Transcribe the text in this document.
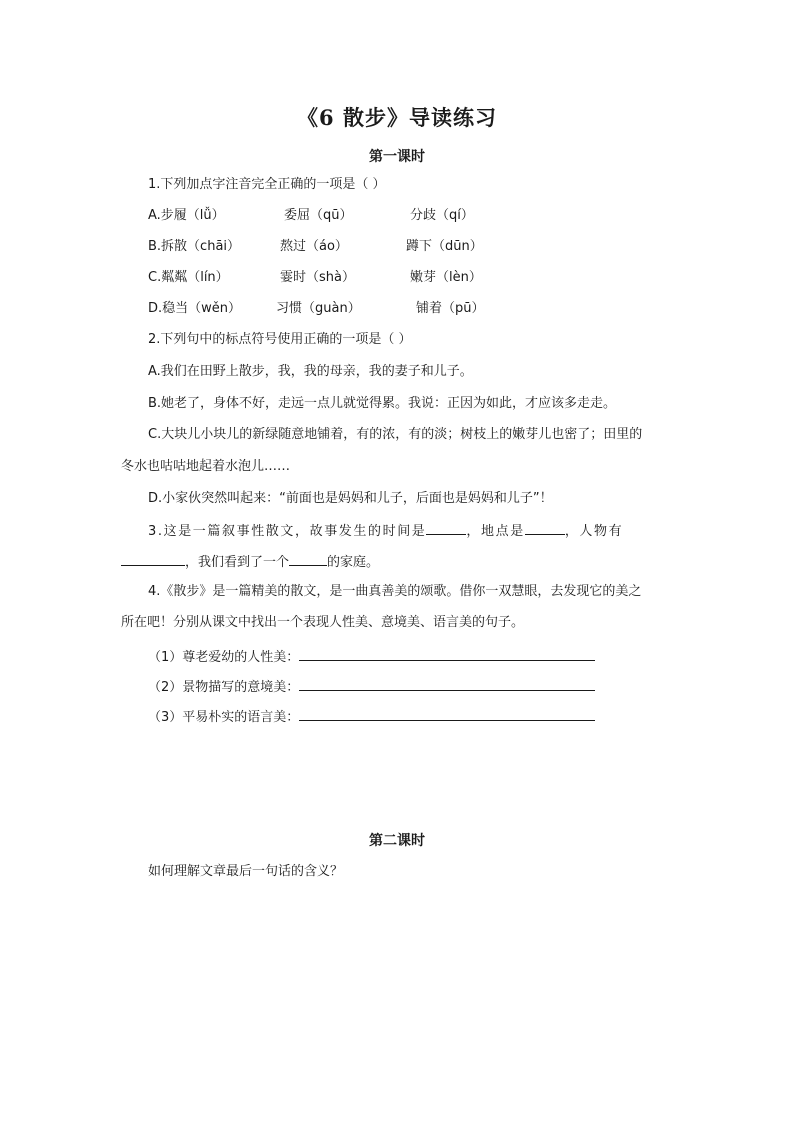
《6 散步》导读练习
第一课时
1.下列加点字注音完全正确的一项是（ ）
A.步履（lǚ）	委屈（qū）	分歧（qí）
B.拆散（chāi）	熬过（áo）	蹲下（dūn）
C.粼粼（lín）	霎时（shà）	嫩芽（lèn）
D.稳当（wěn）	习惯（guàn）	铺着（pū）
2.下列句中的标点符号使用正确的一项是（ ）
A.我们在田野上散步，我，我的母亲，我的妻子和儿子。
B.她老了，身体不好，走远一点儿就觉得累。我说：正因为如此，才应该多走走。
C.大块儿小块儿的新绿随意地铺着，有的浓，有的淡；树枝上的嫩芽儿也密了；田里的
冬水也咕咕地起着水泡儿……
D.小家伙突然叫起来：“前面也是妈妈和儿子，后面也是妈妈和儿子”！
3.这是一篇叙事性散文，故事发生的时间是	，地点是	，人物有
，我们看到了一个	的家庭。
4.《散步》是一篇精美的散文，是一曲真善美的颂歌。借你一双慧眼，去发现它的美之
所在吧！分别从课文中找出一个表现人性美、意境美、语言美的句子。
（1）尊老爱幼的人性美：
（2）景物描写的意境美：
（3）平易朴实的语言美：
第二课时
如何理解文章最后一句话的含义？
